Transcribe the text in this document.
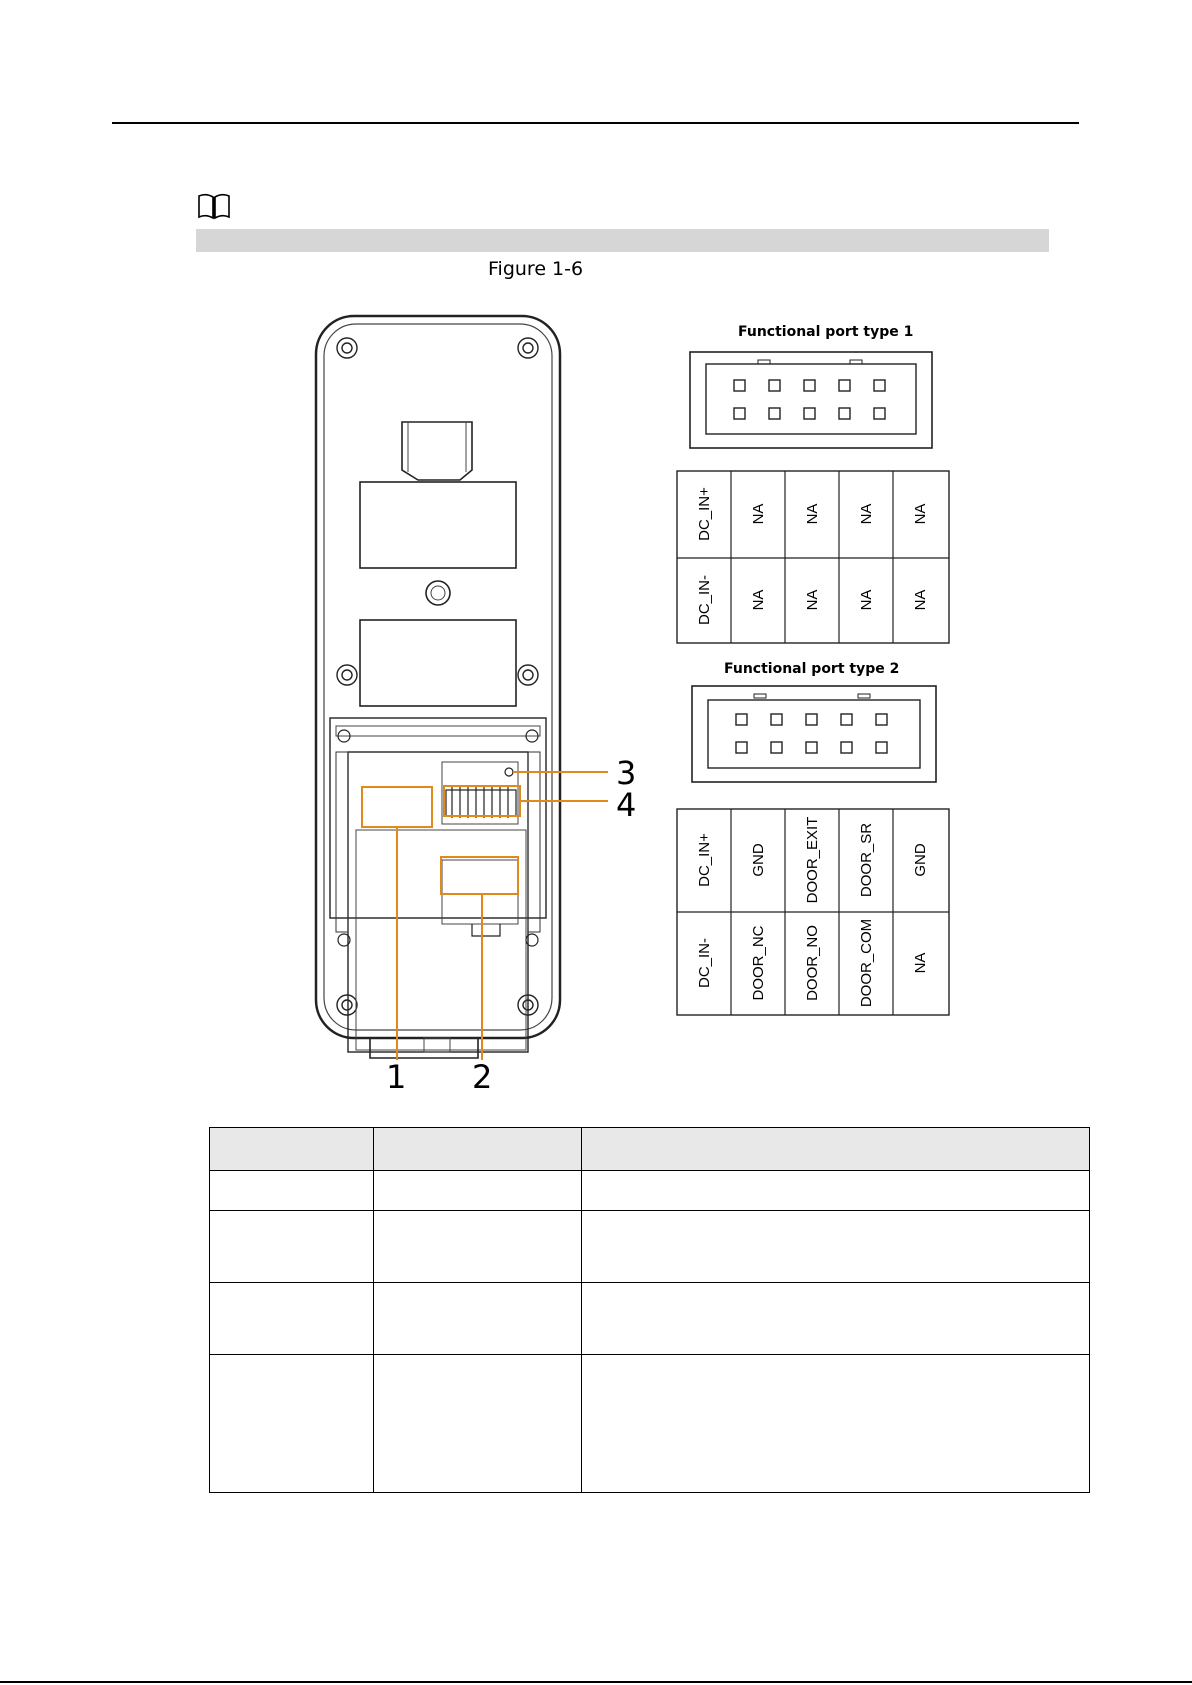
Figure 1-6
1 2
3
4
Functional port type 1
DC_IN+ NA NA NA NA
DC_IN- NA NA NA NA
Functional port type 2
DC_IN+ GND DOOR_EXIT DOOR_SR GND
DC_IN- DOOR_NC DOOR_NO DOOR_COM NA
